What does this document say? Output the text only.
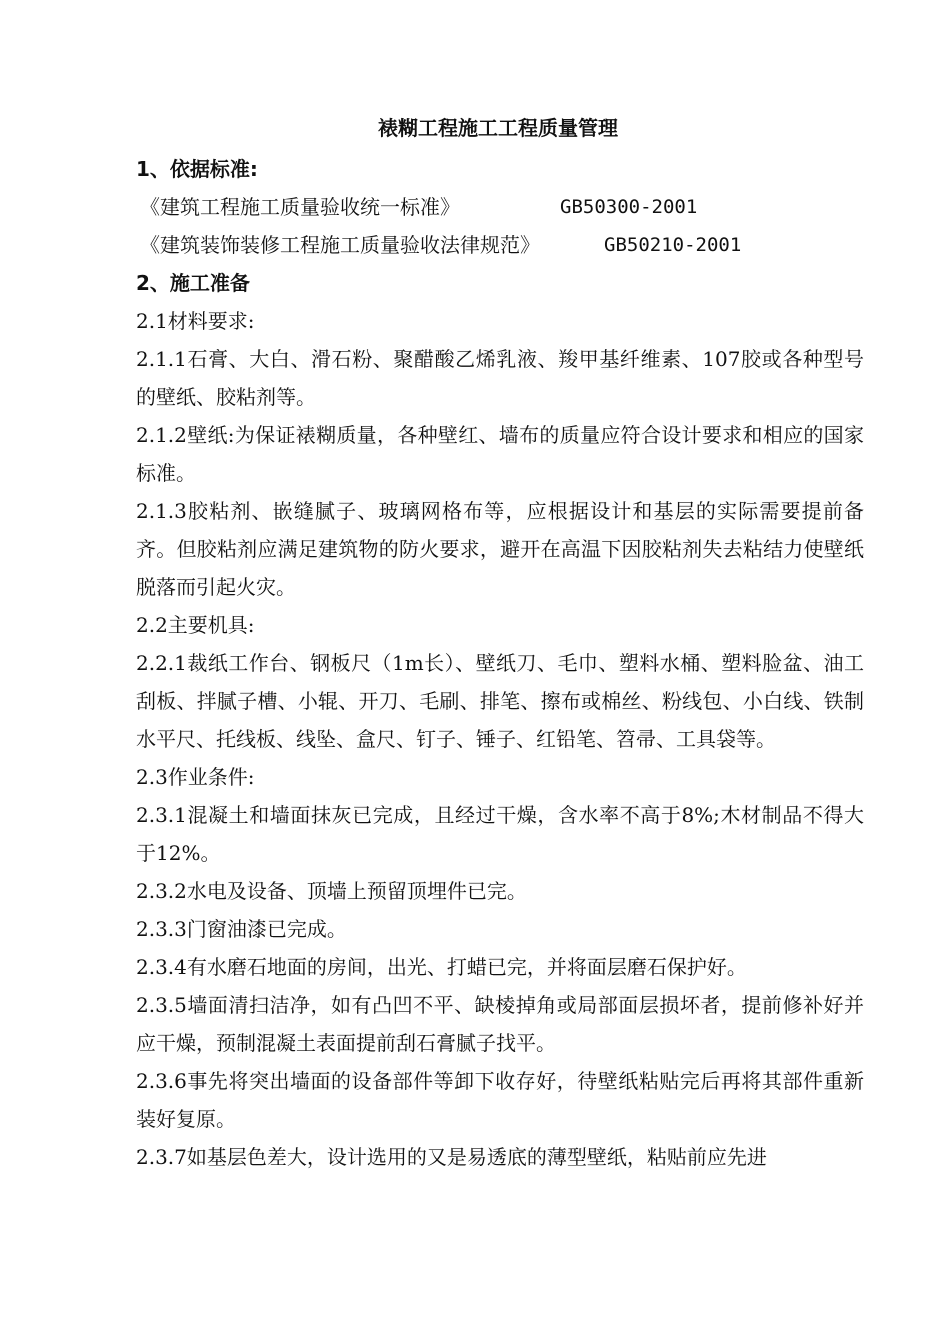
裱糊工程施工工程质量管理
1、依据标准:
《建筑工程施工质量验收统一标准》	GB50300-2001
《建筑装饰装修工程施工质量验收法律规范》	GB50210-2001
2、施工准备

2.1材料要求:

2.1.1石膏、大白、滑石粉、聚醋酸乙烯乳液、羧甲基纤维素、107胶或各种型号的壁纸、胶粘剂等。

2.1.2壁纸:为保证裱糊质量，各种壁红、墙布的质量应符合设计要求和相应的国家标准。

2.1.3胶粘剂、嵌缝腻子、玻璃网格布等，应根据设计和基层的实际需要提前备齐。但胶粘剂应满足建筑物的防火要求，避开在高温下因胶粘剂失去粘结力使壁纸脱落而引起火灾。

2.2主要机具:

2.2.1裁纸工作台、钢板尺（1m长）、壁纸刀、毛巾、塑料水桶、塑料脸盆、油工刮板、拌腻子槽、小辊、开刀、毛刷、排笔、擦布或棉丝、粉线包、小白线、铁制水平尺、托线板、线坠、盒尺、钉子、锤子、红铅笔、笤帚、工具袋等。

2.3作业条件:

2.3.1混凝土和墙面抹灰已完成，且经过干燥，含水率不高于8%;木材制品不得大于12%。

2.3.2水电及设备、顶墙上预留顶埋件已完。

2.3.3门窗油漆已完成。

2.3.4有水磨石地面的房间，出光、打蜡已完，并将面层磨石保护好。

2.3.5墙面清扫洁净，如有凸凹不平、缺棱掉角或局部面层损坏者，提前修补好并应干燥，预制混凝土表面提前刮石膏腻子找平。

2.3.6事先将突出墙面的设备部件等卸下收存好，待壁纸粘贴完后再将其部件重新装好复原。

2.3.7如基层色差大，设计选用的又是易透底的薄型壁纸，粘贴前应先进
